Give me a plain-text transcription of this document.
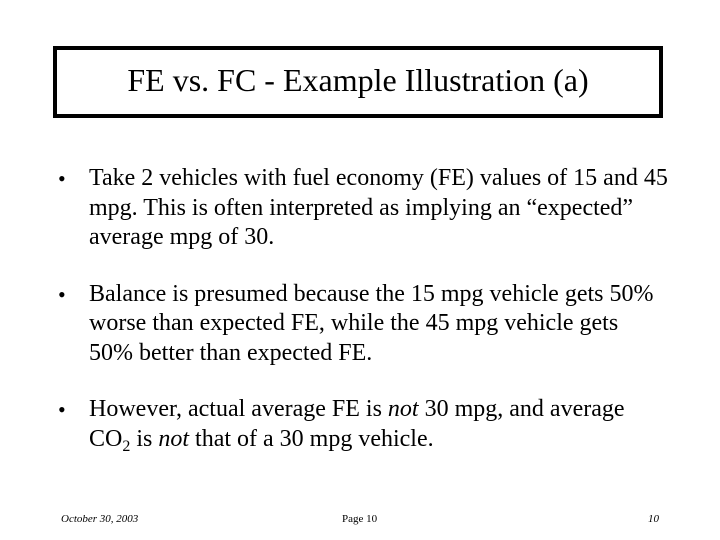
FE vs. FC - Example Illustration (a)
• Take 2 vehicles with fuel economy (FE) values of 15 and 45 mpg. This is often interpreted as implying an “expected” average mpg of 30.
• Balance is presumed because the 15 mpg vehicle gets 50% worse than expected FE, while the 45 mpg vehicle gets 50% better than expected FE.
• However, actual average FE is not 30 mpg, and average $CO_2$ is not that of a 30 mpg vehicle.
October 30, 2003	Page 10	10
